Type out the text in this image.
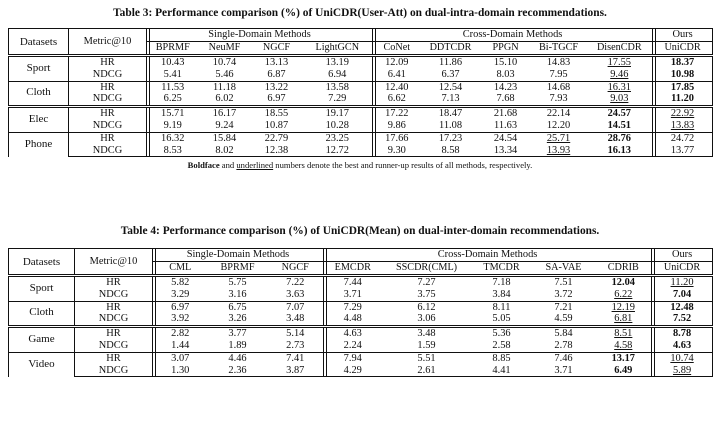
Table 3: Performance comparison (%) of UniCDR(User-Att) on dual-intra-domain recommendations.
Datasets	Metric@10	Single-Domain Methods				Cross-Domain Methods					Ours
		BPRMF	NeuMF	NGCF	LightGCN	CoNet	DDTCDR	PPGN	Bi-TGCF	DisenCDR	UniCDR
Sport	HR	10.43	10.74	13.13	13.19	12.09	11.86	15.10	14.83	17.55	18.37
	NDCG	5.41	5.46	6.87	6.94	6.41	6.37	8.03	7.95	9.46	10.98
Cloth	HR	11.53	11.18	13.22	13.58	12.40	12.54	14.23	14.68	16.31	17.85
	NDCG	6.25	6.02	6.97	7.29	6.62	7.13	7.68	7.93	9.03	11.20
Elec	HR	15.71	16.17	18.55	19.17	17.22	18.47	21.68	22.14	24.57	22.92
	NDCG	9.19	9.24	10.87	10.28	9.86	11.08	11.63	12.20	14.51	13.83
Phone	HR	16.32	15.84	22.79	23.25	17.66	17.23	24.54	25.71	28.76	24.72
	NDCG	8.53	8.02	12.38	12.72	9.30	8.58	13.34	13.93	16.13	13.77
Boldface and underlined numbers denote the best and runner-up results of all methods, respectively.
Table 4: Performance comparison (%) of UniCDR(Mean) on dual-inter-domain recommendations.
Datasets	Metric@10	Single-Domain Methods			Cross-Domain Methods					Ours
		CML	BPRMF	NGCF	EMCDR	SSCDR(CML)	TMCDR	SA-VAE	CDRIB	UniCDR
Sport	HR	5.82	5.75	7.22	7.44	7.27	7.18	7.51	12.04	11.20
	NDCG	3.29	3.16	3.63	3.71	3.75	3.84	3.72	6.22	7.04
Cloth	HR	6.97	6.75	7.07	7.29	6.12	8.11	7.21	12.19	12.48
	NDCG	3.92	3.26	3.48	4.48	3.06	5.05	4.59	6.81	7.52
Game	HR	2.82	3.77	5.14	4.63	3.48	5.36	5.84	8.51	8.78
	NDCG	1.44	1.89	2.73	2.24	1.59	2.58	2.78	4.58	4.63
Video	HR	3.07	4.46	7.41	7.94	5.51	8.85	7.46	13.17	10.74
	NDCG	1.30	2.36	3.87	4.29	2.61	4.41	3.71	6.49	5.89
